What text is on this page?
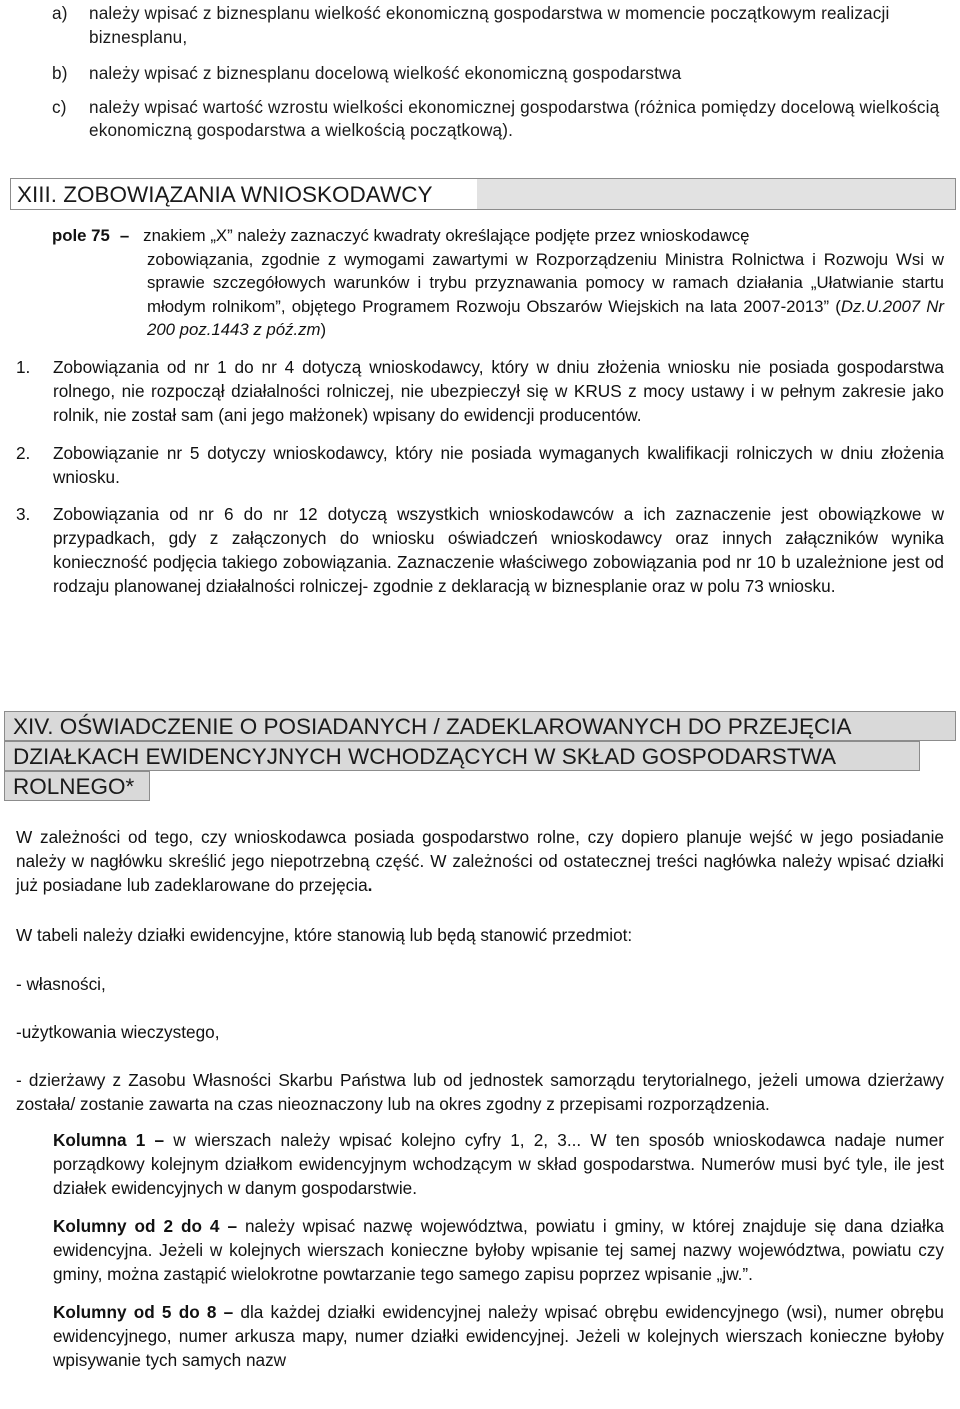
a) należy wpisać z biznesplanu wielkość ekonomiczną gospodarstwa w momencie początkowym realizacji biznesplanu,
b) należy wpisać z biznesplanu docelową wielkość ekonomiczną gospodarstwa
c) należy wpisać wartość wzrostu wielkości ekonomicznej gospodarstwa (różnica pomiędzy docelową wielkością ekonomiczną gospodarstwa a wielkością początkową).
XIII. ZOBOWIĄZANIA WNIOSKODAWCY
pole 75 – znakiem „X” należy zaznaczyć kwadraty określające podjęte przez wnioskodawcę
zobowiązania, zgodnie z wymogami zawartymi w Rozporządzeniu Ministra Rolnictwa i Rozwoju Wsi w sprawie szczegółowych warunków i trybu przyznawania pomocy w ramach działania „Ułatwianie startu młodym rolnikom”, objętego Programem Rozwoju Obszarów Wiejskich na lata 2007-2013” (Dz.U.2007 Nr 200 poz.1443 z póź.zm)
1. Zobowiązania od nr 1 do nr 4 dotyczą wnioskodawcy, który w dniu złożenia wniosku nie posiada gospodarstwa rolnego, nie rozpoczął działalności rolniczej, nie ubezpieczył się w KRUS z mocy ustawy i w pełnym zakresie jako rolnik, nie został sam (ani jego małżonek) wpisany do ewidencji producentów.
2. Zobowiązanie nr 5 dotyczy wnioskodawcy, który nie posiada wymaganych kwalifikacji rolniczych w dniu złożenia wniosku.
3. Zobowiązania od nr 6 do nr 12 dotyczą wszystkich wnioskodawców a ich zaznaczenie jest obowiązkowe w przypadkach, gdy z załączonych do wniosku oświadczeń wnioskodawcy oraz innych załączników wynika konieczność podjęcia takiego zobowiązania. Zaznaczenie właściwego zobowiązania pod nr 10 b uzależnione jest od rodzaju planowanej działalności rolniczej- zgodnie z deklaracją w biznesplanie oraz w polu 73 wniosku.
XIV. OŚWIADCZENIE O POSIADANYCH / ZADEKLAROWANYCH DO PRZEJĘCIA
DZIAŁKACH EWIDENCYJNYCH WCHODZĄCYCH W SKŁAD GOSPODARSTWA
ROLNEGO*
W zależności od tego, czy wnioskodawca posiada gospodarstwo rolne, czy dopiero planuje wejść w jego posiadanie należy w nagłówku skreślić jego niepotrzebną część. W zależności od ostatecznej treści nagłówka należy wpisać działki już posiadane lub zadeklarowane do przejęcia.
W tabeli należy działki ewidencyjne, które stanowią lub będą stanowić przedmiot:
- własności,
-użytkowania wieczystego,
- dzierżawy z Zasobu Własności Skarbu Państwa lub od jednostek samorządu terytorialnego, jeżeli umowa dzierżawy została/ zostanie zawarta na czas nieoznaczony lub na okres zgodny z przepisami rozporządzenia.
Kolumna 1 – w wierszach należy wpisać kolejno cyfry 1, 2, 3... W ten sposób wnioskodawca nadaje numer porządkowy kolejnym działkom ewidencyjnym wchodzącym w skład gospodarstwa. Numerów musi być tyle, ile jest działek ewidencyjnych w danym gospodarstwie.
Kolumny od 2 do 4 – należy wpisać nazwę województwa, powiatu i gminy, w której znajduje się dana działka ewidencyjna. Jeżeli w kolejnych wierszach konieczne byłoby wpisanie tej samej nazwy województwa, powiatu czy gminy, można zastąpić wielokrotne powtarzanie tego samego zapisu poprzez wpisanie „jw.”.
Kolumny od 5 do 8 – dla każdej działki ewidencyjnej należy wpisać obrębu ewidencyjnego (wsi), numer obrębu ewidencyjnego, numer arkusza mapy, numer działki ewidencyjnej. Jeżeli w kolejnych wierszach konieczne byłoby wpisywanie tych samych nazw
